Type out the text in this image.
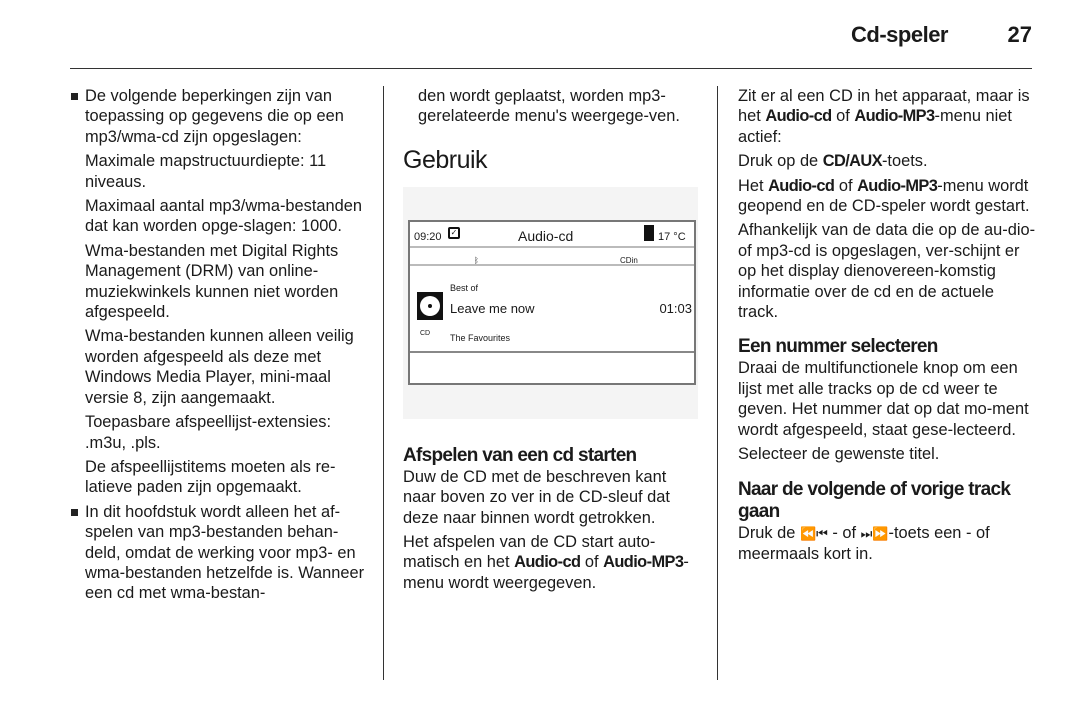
Cd-speler	27

De volgende beperkingen zijn van toepassing op gegevens die op een mp3/wma-cd zijn opgeslagen:

Maximale mapstructuurdiepte: 11 niveaus.

Maximaal aantal mp3/wma-bestanden dat kan worden opge-slagen: 1000.

Wma-bestanden met Digital Rights Management (DRM) van online-muziekwinkels kunnen niet worden afgespeeld.

Wma-bestanden kunnen alleen veilig worden afgespeeld als deze met Windows Media Player, mini-maal versie 8, zijn aangemaakt.

Toepasbare afspeellijst-extensies: .m3u, .pls.

De afspeellijstitems moeten als re-latieve paden zijn opgemaakt.

In dit hoofdstuk wordt alleen het af-spelen van mp3-bestanden behan-deld, omdat de werking voor mp3- en wma-bestanden hetzelfde is. Wanneer een cd met wma-bestan-

den wordt geplaatst, worden mp3-gerelateerde menu's weergege-ven.

Gebruik
09:20	✓	Audio-cd	17 °C
ᛒ	CDin
Best of
CD
Leave me now	01:03
The Favourites
Afspelen van een cd starten

Duw de CD met de beschreven kant naar boven zo ver in de CD-sleuf dat deze naar binnen wordt getrokken.

Het afspelen van de CD start auto-matisch en het Audio-cd of Audio-MP3-menu wordt weergegeven.

Zit er al een CD in het apparaat, maar is het Audio-cd of Audio-MP3-menu niet actief:

Druk op de CD/AUX-toets.

Het Audio-cd of Audio-MP3-menu wordt geopend en de CD-speler wordt gestart.

Afhankelijk van de data die op de au-dio- of mp3-cd is opgeslagen, ver-schijnt er op het display dienovereen-komstig informatie over de cd en de actuele track.

Een nummer selecteren

Draai de multifunctionele knop om een lijst met alle tracks op de cd weer te geven. Het nummer dat op dat mo-ment wordt afgespeeld, staat gese-lecteerd.

Selecteer de gewenste titel.

Naar de volgende of vorige track gaan

Druk de ⏪⏮ - of ⏭⏩-toets een - of meermaals kort in.
